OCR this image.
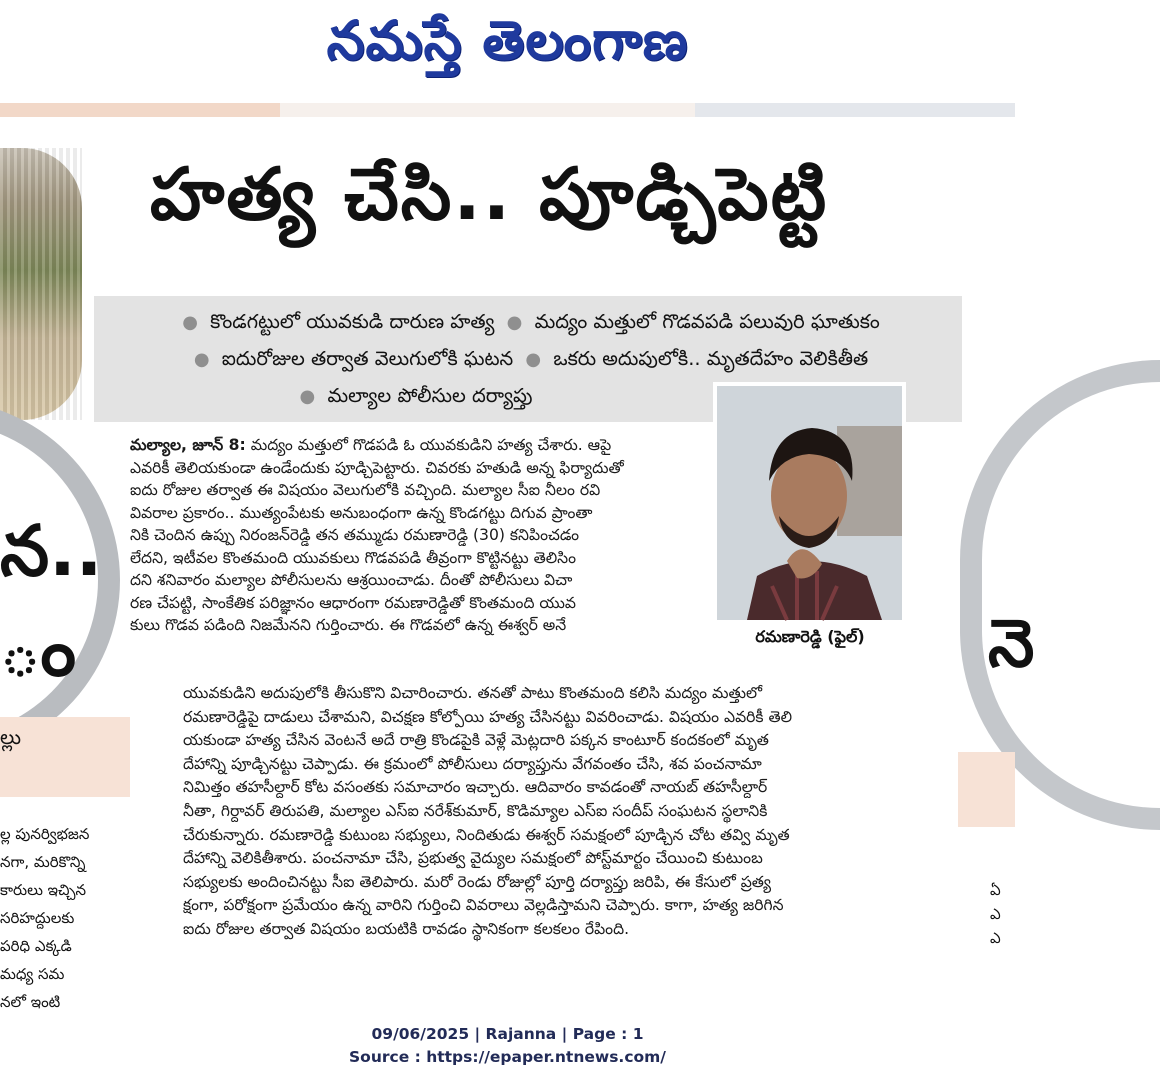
నమస్తే తెలంగాణ
న..
ం
ల్లు
ల్ల పునర్విభజన
నగా, మరికొన్ని
కారులు ఇచ్చిన
సరిహద్దులకు
పరిధి ఎక్కడి
మధ్య సమ
నలో ఇంటి
నె
ఏ
ఎ
ఎ
హత్య చేసి.. పూడ్చిపెట్టి
● కొండగట్టులో యువకుడి దారుణ హత్య ● మద్యం మత్తులో గొడవపడి పలువురి ఘాతుకం
● ఐదురోజుల తర్వాత వెలుగులోకి ఘటన ● ఒకరు అదుపులోకి.. మృతదేహం వెలికితీత
● మల్యాల పోలీసుల దర్యాప్తు
రమణారెడ్డి (ఫైల్)
మల్యాల, జూన్ 8: మద్యం మత్తులో గొడపడి ఓ యువకుడిని హత్య చేశారు. ఆపై
ఎవరికీ తెలియకుండా ఉండేందుకు పూడ్చిపెట్టారు. చివరకు హతుడి అన్న ఫిర్యాదుతో
ఐదు రోజుల తర్వాత ఈ విషయం వెలుగులోకి వచ్చింది. మల్యాల సీఐ నీలం రవి
వివరాల ప్రకారం.. ముత్యంపేటకు అనుబంధంగా ఉన్న కొండగట్టు దిగువ ప్రాంతా
నికి చెందిన ఉప్పు నిరంజన్‌రెడ్డి తన తమ్ముడు రమణారెడ్డి (30) కనిపించడం
లేదని, ఇటీవల కొంతమంది యువకులు గొడవపడి తీవ్రంగా కొట్టినట్టు తెలిసిం
దని శనివారం మల్యాల పోలీసులను ఆశ్రయించాడు. దీంతో పోలీసులు విచా
రణ చేపట్టి, సాంకేతిక పరిజ్ఞానం ఆధారంగా రమణారెడ్డితో కొంతమంది యువ
కులు గొడవ పడింది నిజమేనని గుర్తించారు. ఈ గొడవలో ఉన్న ఈశ్వర్ అనే
యువకుడిని అదుపులోకి తీసుకొని విచారించారు. తనతో పాటు కొంతమంది కలిసి మద్యం మత్తులో
రమణారెడ్డిపై దాడులు చేశామని, విచక్షణ కోల్పోయి హత్య చేసినట్టు వివరించాడు. విషయం ఎవరికీ తెలి
యకుండా హత్య చేసిన వెంటనే అదే రాత్రి కొండపైకి వెళ్లే మెట్లదారి పక్కన కాంటూర్ కందకంలో మృత
దేహాన్ని పూడ్చినట్టు చెప్పాడు. ఈ క్రమంలో పోలీసులు దర్యాప్తును వేగవంతం చేసి, శవ పంచనామా
నిమిత్తం తహసీల్దార్ కోట వసంతకు సమాచారం ఇచ్చారు. ఆదివారం కావడంతో నాయబ్ తహసీల్దార్
నీతా, గిర్దావర్ తిరుపతి, మల్యాల ఎస్ఐ నరేశ్‌కుమార్, కొడిమ్యాల ఎస్ఐ సందీప్ సంఘటన స్థలానికి
చేరుకున్నారు. రమణారెడ్డి కుటుంబ సభ్యులు, నిందితుడు ఈశ్వర్ సమక్షంలో పూడ్చిన చోట తవ్వి మృత
దేహాన్ని వెలికితీశారు. పంచనామా చేసి, ప్రభుత్వ వైద్యుల సమక్షంలో పోస్ట్‌మార్టం చేయించి కుటుంబ
సభ్యులకు అందించినట్టు సీఐ తెలిపారు. మరో రెండు రోజుల్లో పూర్తి దర్యాప్తు జరిపి, ఈ కేసులో ప్రత్య
క్షంగా, పరోక్షంగా ప్రమేయం ఉన్న వారిని గుర్తించి వివరాలు వెల్లడిస్తామని చెప్పారు. కాగా, హత్య జరిగిన
ఐదు రోజుల తర్వాత విషయం బయటికి రావడం స్థానికంగా కలకలం రేపింది.
09/06/2025 | Rajanna | Page : 1
Source : https://epaper.ntnews.com/
